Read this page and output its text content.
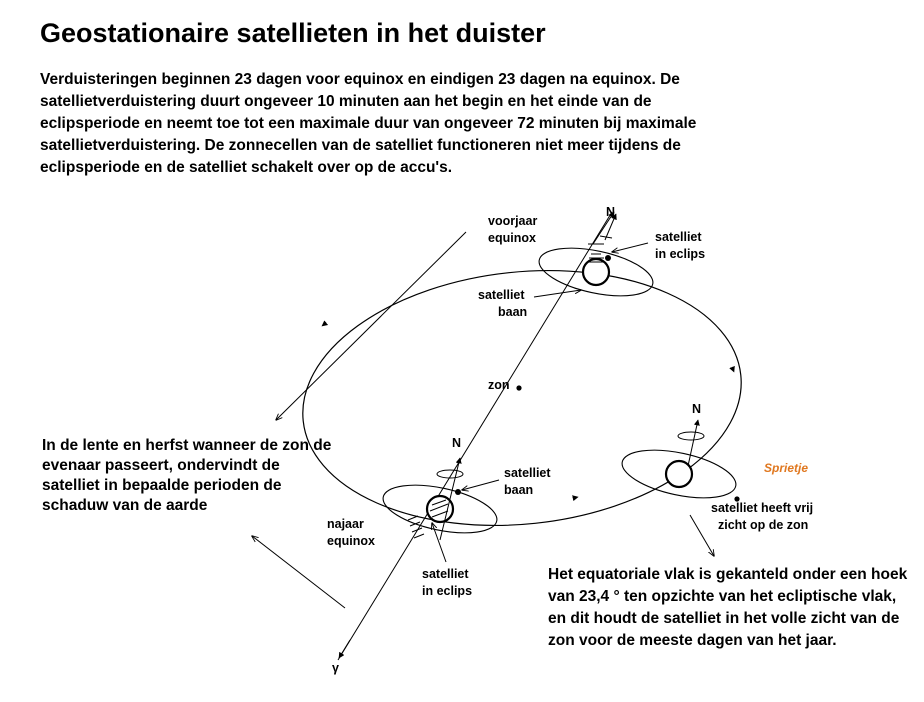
Geostationaire satellieten in het duister

Verduisteringen beginnen 23 dagen voor equinox en eindigen 23 dagen na equinox. De satellietverduistering duurt ongeveer 10 minuten aan het begin en het einde van de eclipsperiode en neemt toe tot een maximale duur van ongeveer 72 minuten bij maximale satellietverduistering. De zonnecellen van de satelliet functioneren niet meer tijdens de eclipsperiode en de satelliet schakelt over op de accu's.

voorjaar
equinox
N
satelliet
in eclips
satelliet
baan
zon
N
N
satelliet
baan
najaar
equinox
satelliet
in eclips
satelliet heeft vrij
zicht op de zon
γ
Sprietje

In de lente en herfst wanneer de zon de evenaar passeert, ondervindt de satelliet in bepaalde perioden de schaduw van de aarde

Het equatoriale vlak is gekanteld onder een hoek van 23,4 ° ten opzichte van het ecliptische vlak, en dit houdt de satelliet in het volle zicht van de zon voor de meeste dagen van het jaar.
